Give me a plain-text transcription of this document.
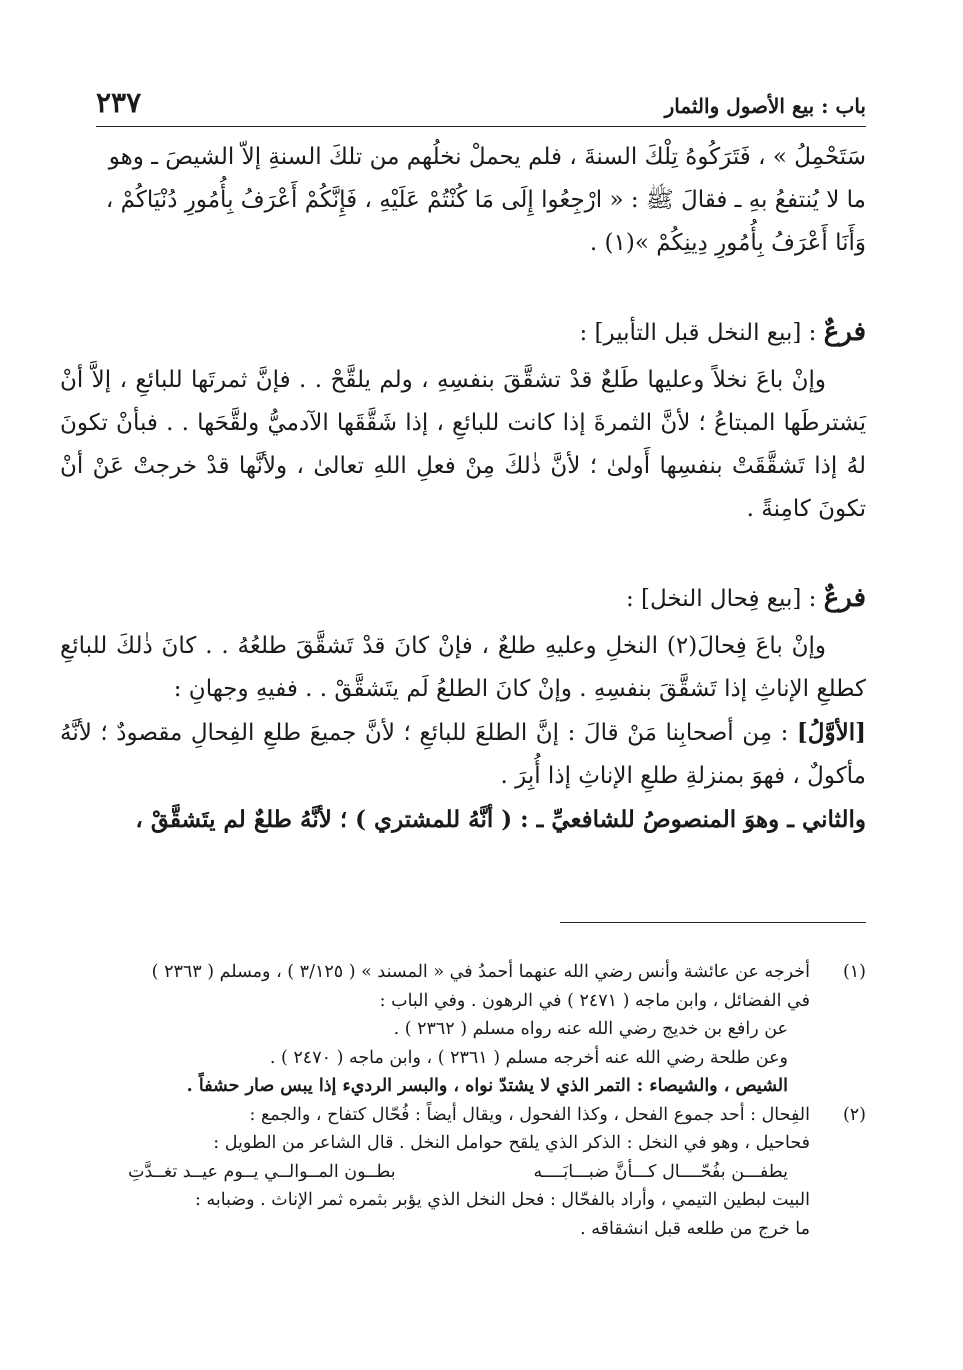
باب : بيع الأصول والثمار
٢٣٧

سَتَحْمِلُ » ، فَتَرَكُوهُ تِلْكَ السنةَ ، فلم يحملْ نخلُهم من تلكَ السنةِ إلاّ الشيصَ ـ وهو

ما لا يُنتفعُ بهِ ـ فقالَ ﷺ : « ارْجِعُوا إِلَى مَا كُنْتُمْ عَلَيْهِ ، فَإِنَّكُمْ أَعْرَفُ بِأُمُورِ دُنْيَاكُمْ ،

وَأَنَا أَعْرَفُ بِأُمُورِ دِينِكُمْ »(١) .

فرعٌ : [بيع النخل قبل التأبير] :

وإنْ باعَ نخلاً وعليها طَلعٌ قدْ تشقَّقَ بنفسِهِ ، ولم يلقَّحْ . . فإنَّ ثمرتَها للبائعِ ، إلاَّ أنْ يَشترطَها المبتاعُ ؛ لأنَّ الثمرةَ إذا كانت للبائعِ ، إذا شَقَّقَها الآدميُّ ولقَّحَها . . فبأنْ تكونَ لهُ إذا تَشقَّقَتْ بنفسِها أَولىٰ ؛ لأنَّ ذٰلكَ مِنْ فعلِ اللهِ تعالىٰ ، ولأنَّها قدْ خرجتْ عَنْ أنْ تكونَ كامِنةً .

فرعٌ : [بيع فِحال النخل] :

وإنْ باعَ فِحالَ(٢) النخلِ وعليهِ طلعٌ ، فإنْ كانَ قدْ تَشقَّقَ طلعُهُ . . كانَ ذٰلكَ للبائعِ كطلعِ الإناثِ إذا تَشقَّقَ بنفسِهِ . وإنْ كانَ الطلعُ لَم يتَشقَّقْ . . ففيهِ وجهانِ :

[الأوَّلُ] : مِن أصحابِنا مَنْ قالَ : إنَّ الطلعَ للبائعِ ؛ لأنَّ جميعَ طلعِ الفِحالِ مقصودٌ ؛ لأنَّهُ مأكولٌ ، فهوَ بمنزلةِ طلعِ الإناثِ إذا أُبِرَ .

والثاني ـ وهوَ المنصوصُ للشافعيِّ ـ : ( أنَّهُ للمشتري ) ؛ لأنَّهُ طلعٌ لم يتَشقَّقْ ،

(١)

أخرجه عن عائشة وأنس رضي الله عنهما أحمدُ في « المسند » ( ٣/١٢٥ ) ، ومسلم ( ٢٣٦٣ )

في الفضائل ، وابن ماجه ( ٢٤٧١ ) في الرهون . وفي الباب :

عن رافع بن خديج رضي الله عنه رواه مسلم ( ٢٣٦٢ ) .

وعن طلحة رضي الله عنه أخرجه مسلم ( ٢٣٦١ ) ، وابن ماجه ( ٢٤٧٠ ) .

الشيص ، والشيصاء : التمر الذي لا يشتدّ نواه ، والبسر الرديء إذا يبس صار حشفاً .

(٢)

الفِحال : أحد جموع الفحل ، وكذا الفحول ، ويقال أيضاً : فُحّال كتفاح ، والجمع :

فحاحيل ، وهو في النخل : الذكر الذي يلقح حوامل النخل . قال الشاعر من الطويل :

يطفـــن بفُحّــــال كـــأنَّ ضبـــابَــــه
بطــون المــوالــي يــوم عيــد تغــدَّتِ

البيت لبطين التيمي ، وأراد بالفحّال : فحل النخل الذي يؤبر بثمره ثمر الإناث . وضبابه :

ما خرج من طلعه قبل انشقاقه .
